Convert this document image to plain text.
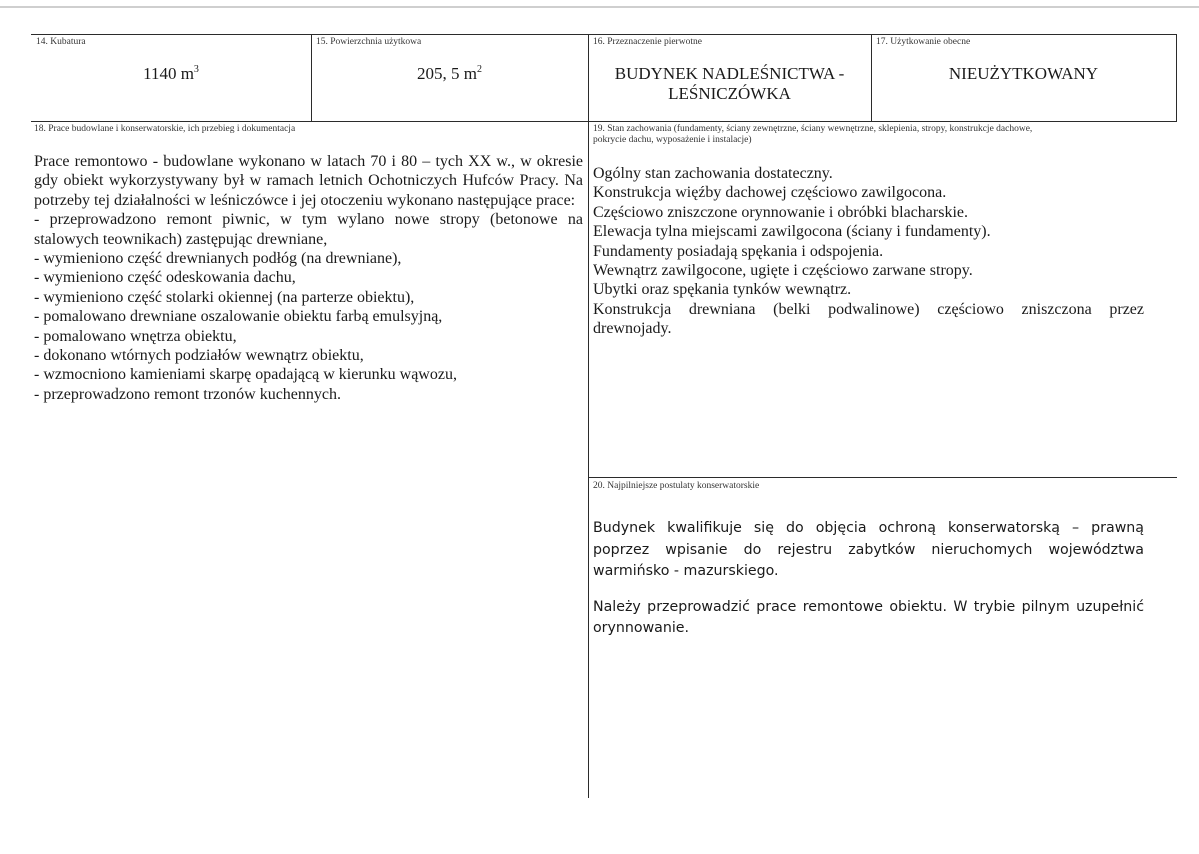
14. Kubatura
1140 $m^3$
15. Powierzchnia użytkowa
205, 5 $m^2$
16. Przeznaczenie pierwotne
BUDYNEK NADLEŚNICTWA -
LEŚNICZÓWKA
17. Użytkowanie obecne
NIEUŻYTKOWANY
18. Prace budowlane i konserwatorskie, ich przebieg i dokumentacja
Prace remontowo - budowlane wykonano w latach 70 i 80 – tych XX w., w okresie gdy obiekt wykorzystywany był w ramach letnich Ochotniczych Hufców Pracy. Na potrzeby tej działalności w leśniczówce i jej otoczeniu wykonano następujące prace:
- przeprowadzono remont piwnic, w tym wylano nowe stropy (betonowe na stalowych teownikach) zastępując drewniane,
- wymieniono część drewnianych podłóg (na drewniane),
- wymieniono część odeskowania dachu,
- wymieniono część stolarki okiennej (na parterze obiektu),
- pomalowano drewniane oszalowanie obiektu farbą emulsyjną,
- pomalowano wnętrza obiektu,
- dokonano wtórnych podziałów wewnątrz obiektu,
- wzmocniono kamieniami skarpę opadającą w kierunku wąwozu,
- przeprowadzono remont trzonów kuchennych.
19. Stan zachowania (fundamenty, ściany zewnętrzne, ściany wewnętrzne, sklepienia, stropy, konstrukcje dachowe,
pokrycie dachu, wyposażenie i instalacje)
Ogólny stan zachowania dostateczny.
Konstrukcja więźby dachowej częściowo zawilgocona.
Częściowo zniszczone orynnowanie i obróbki blacharskie.
Elewacja tylna miejscami zawilgocona (ściany i fundamenty).
Fundamenty posiadają spękania i odspojenia.
Wewnątrz zawilgocone, ugięte i częściowo zarwane stropy.
Ubytki oraz spękania tynków wewnątrz.
Konstrukcja drewniana (belki podwalinowe) częściowo zniszczona przez drewnojady.
20. Najpilniejsze postulaty konserwatorskie

Budynek kwalifikuje się do objęcia ochroną konserwatorską – prawną poprzez wpisanie do rejestru zabytków nieruchomych województwa warmińsko - mazurskiego.

Należy przeprowadzić prace remontowe obiektu. W trybie pilnym uzupełnić orynnowanie.
